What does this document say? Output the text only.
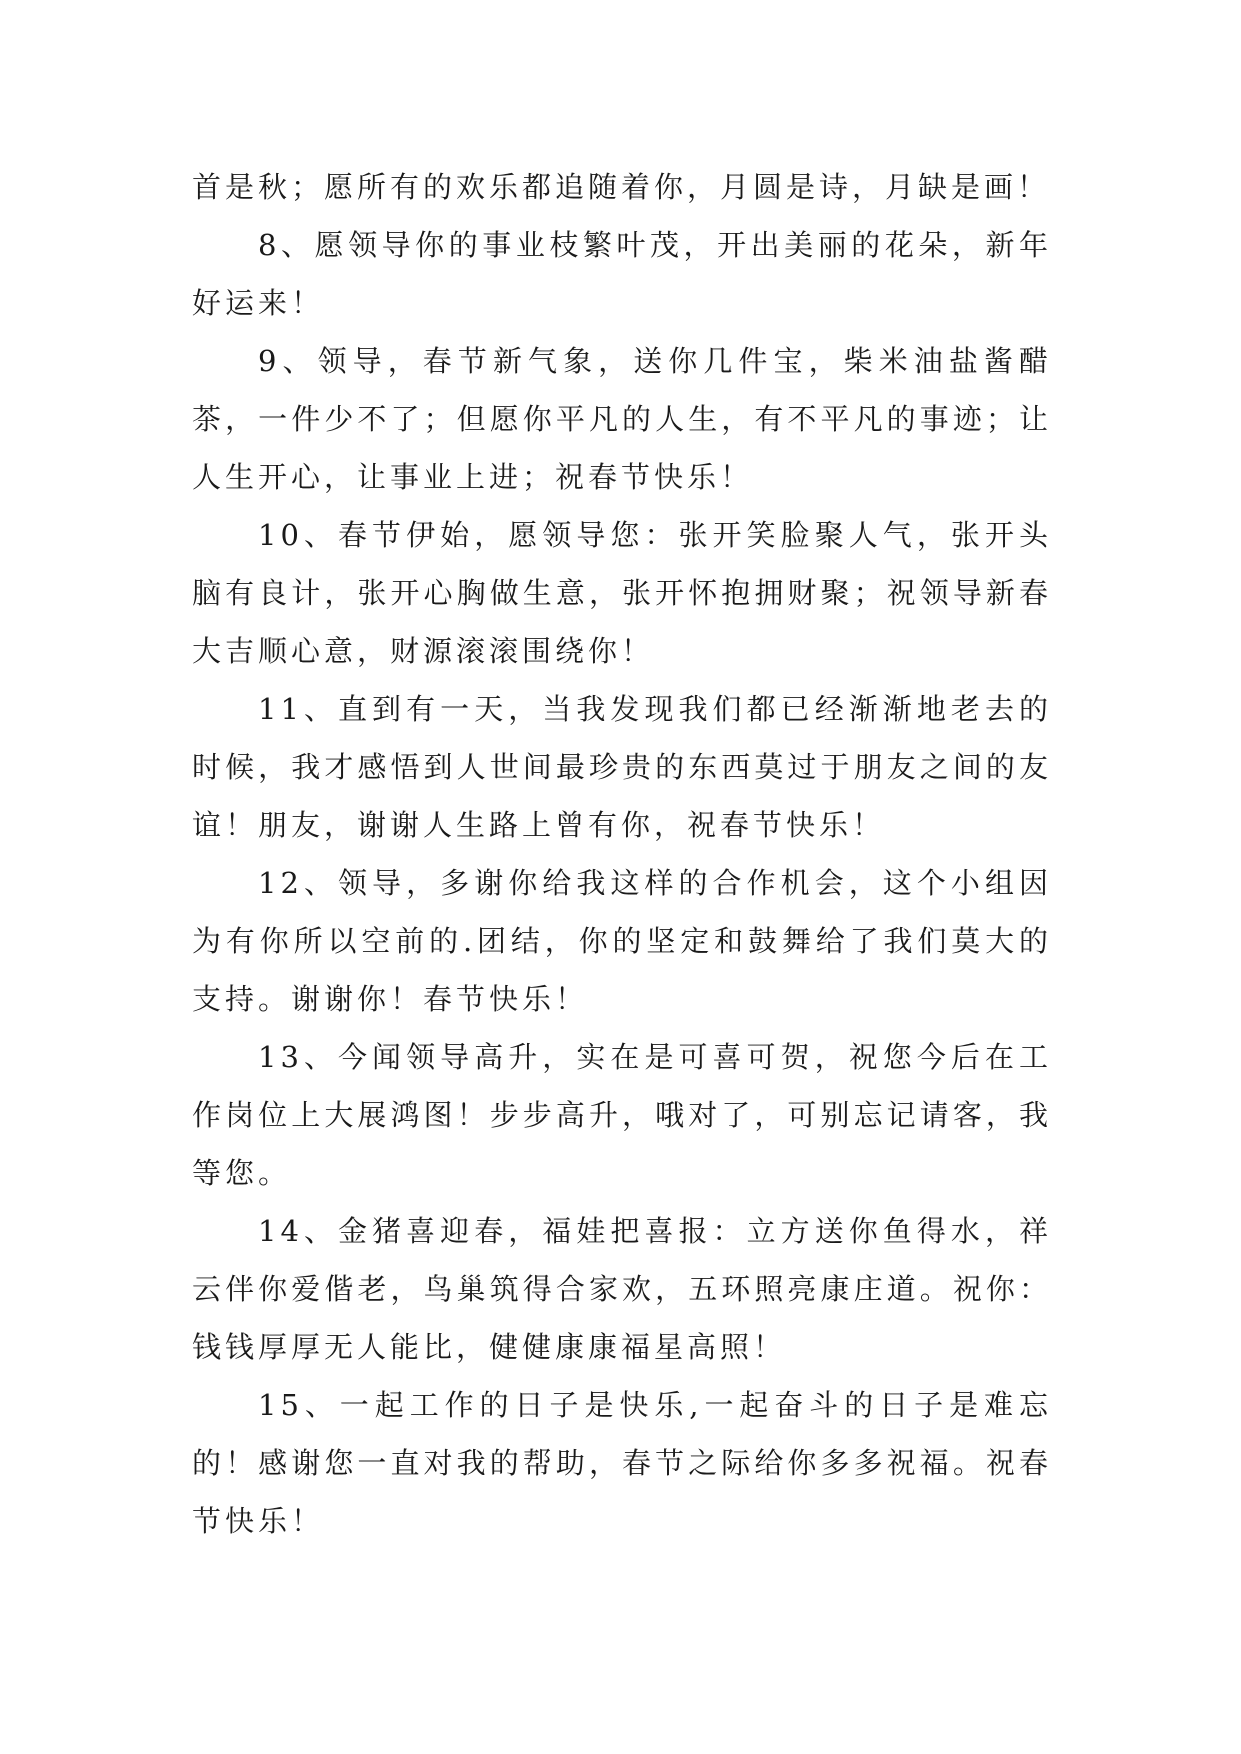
首是秋；愿所有的欢乐都追随着你，月圆是诗，月缺是画！

8、愿领导你的事业枝繁叶茂，开出美丽的花朵，新年好运来！

9、领导，春节新气象，送你几件宝，柴米油盐酱醋茶，一件少不了；但愿你平凡的人生，有不平凡的事迹；让人生开心，让事业上进；祝春节快乐！

10、春节伊始，愿领导您：张开笑脸聚人气，张开头脑有良计，张开心胸做生意，张开怀抱拥财聚；祝领导新春大吉顺心意，财源滚滚围绕你！

11、直到有一天，当我发现我们都已经渐渐地老去的时候，我才感悟到人世间最珍贵的东西莫过于朋友之间的友谊！朋友，谢谢人生路上曾有你，祝春节快乐！

12、领导，多谢你给我这样的合作机会，这个小组因为有你所以空前的.团结，你的坚定和鼓舞给了我们莫大的支持。谢谢你！春节快乐！

13、今闻领导高升，实在是可喜可贺，祝您今后在工作岗位上大展鸿图！步步高升，哦对了，可别忘记请客，我等您。

14、金猪喜迎春，福娃把喜报：立方送你鱼得水，祥云伴你爱偕老，鸟巢筑得合家欢，五环照亮康庄道。祝你：钱钱厚厚无人能比，健健康康福星高照！

15、一起工作的日子是快乐,一起奋斗的日子是难忘的！感谢您一直对我的帮助，春节之际给你多多祝福。祝春节快乐！
